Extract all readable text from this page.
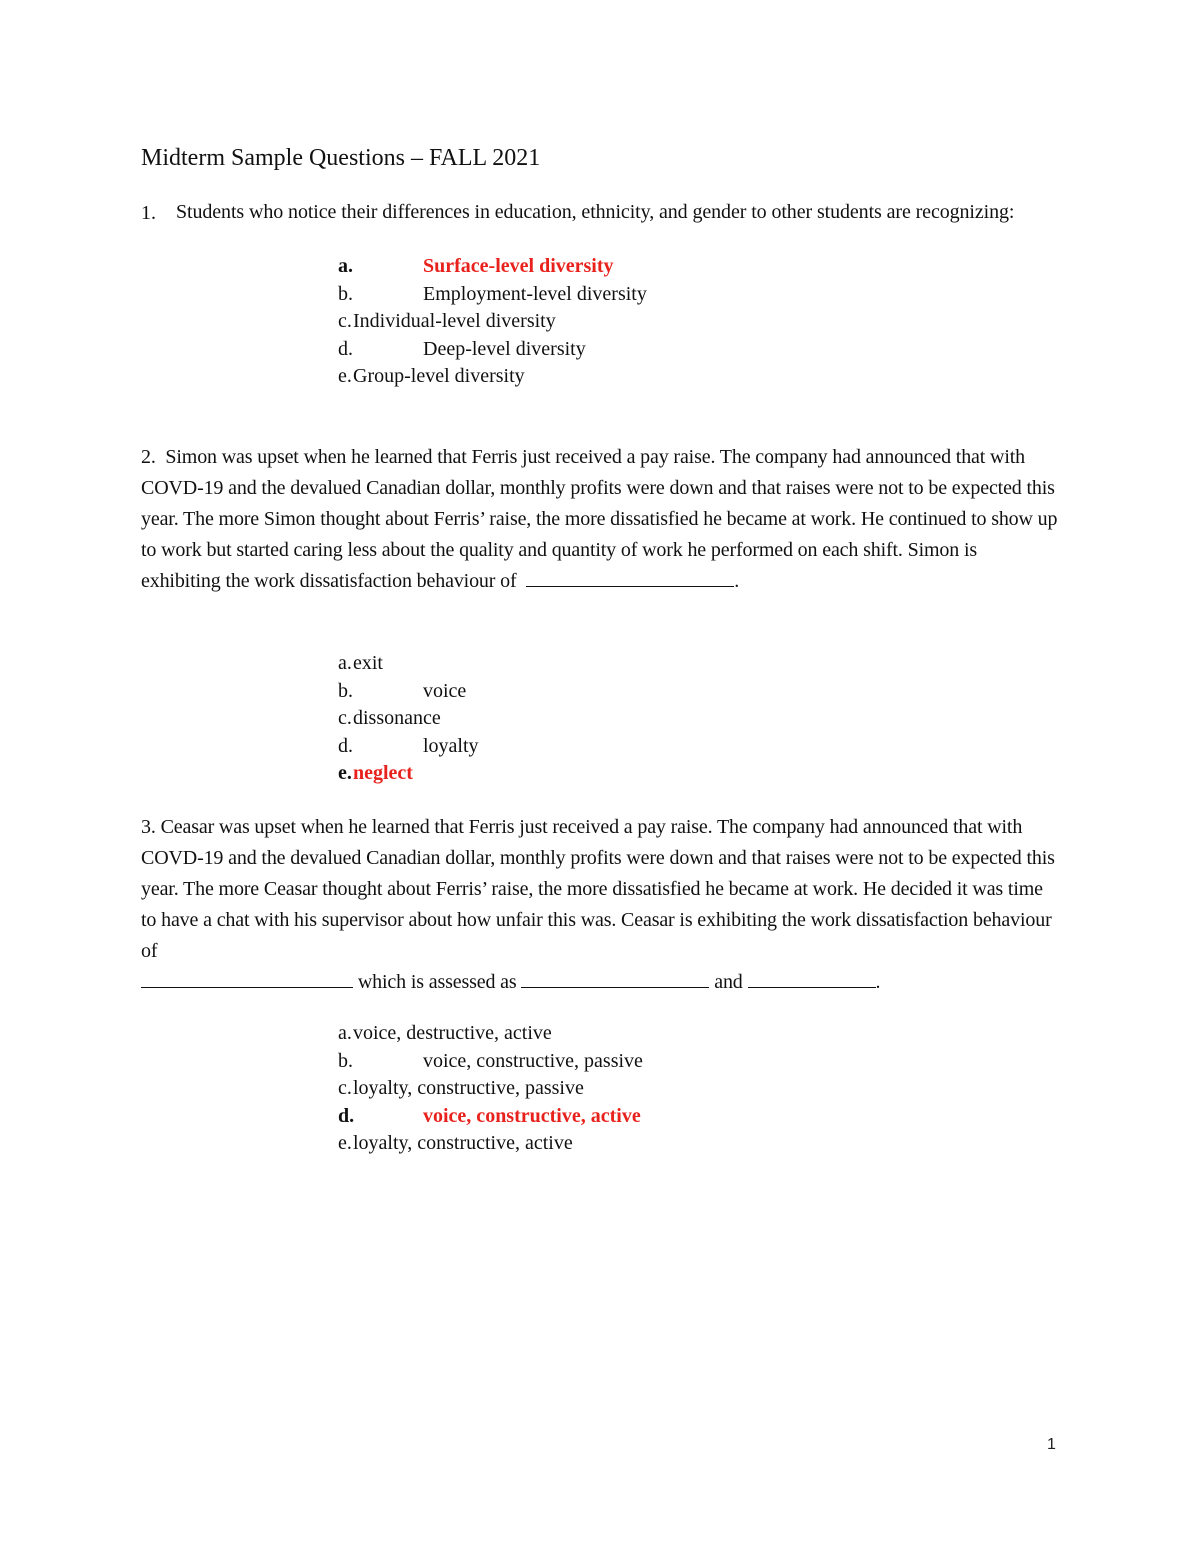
Midterm Sample Questions – FALL 2021
1. Students who notice their differences in education, ethnicity, and gender to other students are recognizing:
a.	Surface-level diversity
b.	Employment-level diversity
c. Individual-level diversity
d.	Deep-level diversity
e. Group-level diversity
2. Simon was upset when he learned that Ferris just received a pay raise. The company had announced that with COVD-19 and the devalued Canadian dollar, monthly profits were down and that raises were not to be expected this year. The more Simon thought about Ferris’ raise, the more dissatisfied he became at work. He continued to show up to work but started caring less about the quality and quantity of work he performed on each shift. Simon is exhibiting the work dissatisfaction behaviour of	.
a. exit
b.	voice
c. dissonance
d.	loyalty
e. neglect
3. Ceasar was upset when he learned that Ferris just received a pay raise. The company had announced that with COVD-19 and the devalued Canadian dollar, monthly profits were down and that raises were not to be expected this year. The more Ceasar thought about Ferris’ raise, the more dissatisfied he became at work. He decided it was time to have a chat with his supervisor about how unfair this was. Ceasar is exhibiting the work dissatisfaction behaviour of
which is assessed as	and	.
a. voice, destructive, active
b.	voice, constructive, passive
c. loyalty, constructive, passive
d.	voice, constructive, active
e. loyalty, constructive, active
1
